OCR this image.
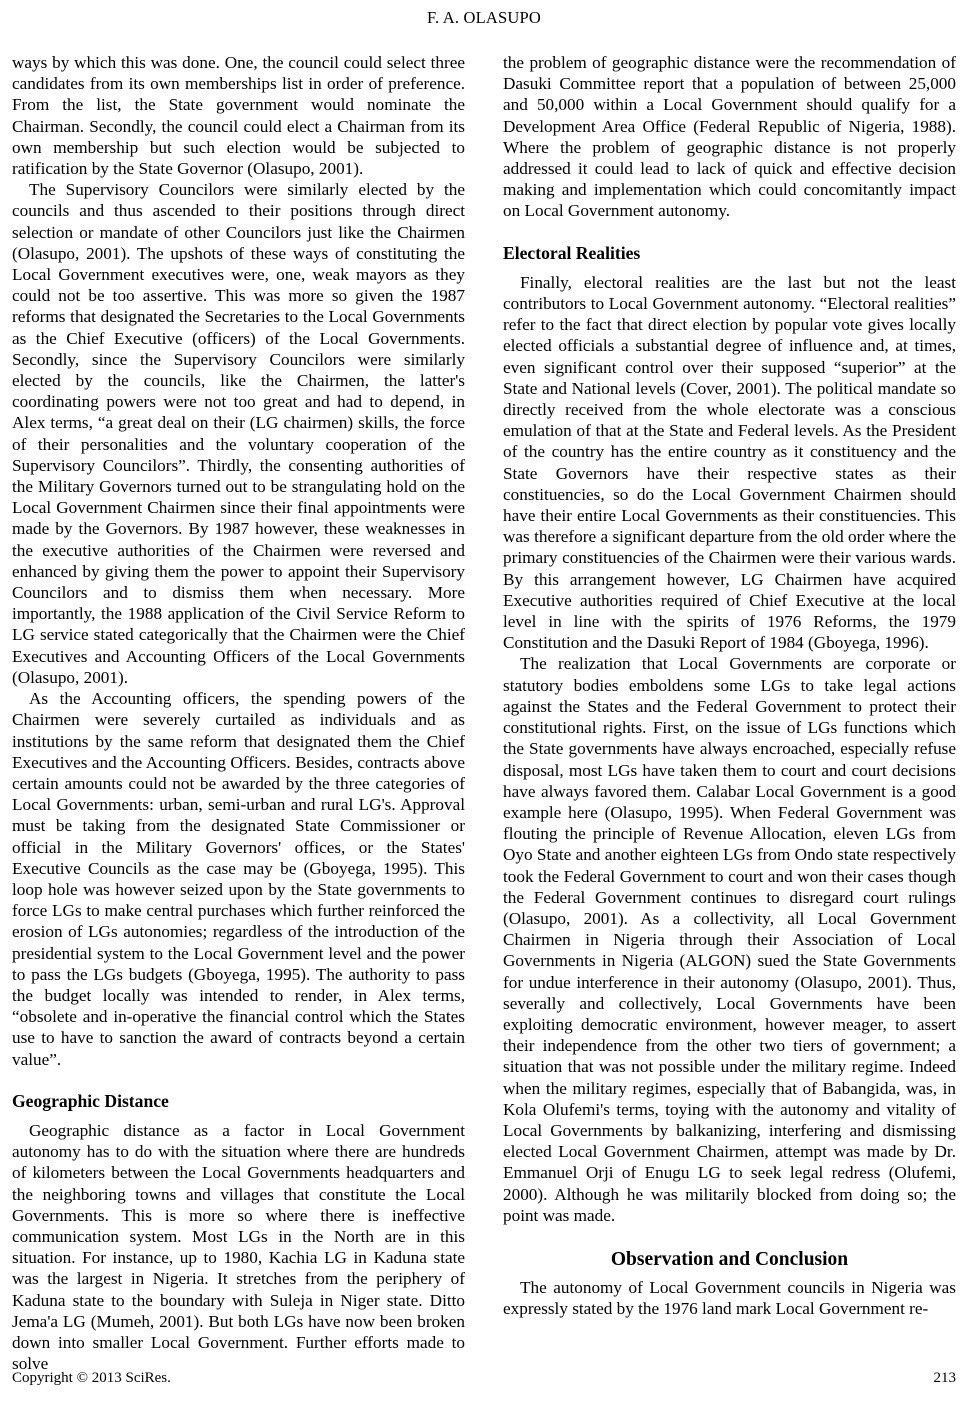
F. A. OLASUPO

ways by which this was done. One, the council could select three candidates from its own memberships list in order of preference. From the list, the State government would nominate the Chairman. Secondly, the council could elect a Chairman from its own membership but such election would be subjected to ratification by the State Governor (Olasupo, 2001).

The Supervisory Councilors were similarly elected by the councils and thus ascended to their positions through direct selection or mandate of other Councilors just like the Chairmen (Olasupo, 2001). The upshots of these ways of constituting the Local Government executives were, one, weak mayors as they could not be too assertive. This was more so given the 1987 reforms that designated the Secretaries to the Local Governments as the Chief Executive (officers) of the Local Governments. Secondly, since the Supervisory Councilors were similarly elected by the councils, like the Chairmen, the latter's coordinating powers were not too great and had to depend, in Alex terms, “a great deal on their (LG chairmen) skills, the force of their personalities and the voluntary cooperation of the Supervisory Councilors”. Thirdly, the consenting authorities of the Military Governors turned out to be strangulating hold on the Local Government Chairmen since their final appointments were made by the Governors. By 1987 however, these weaknesses in the executive authorities of the Chairmen were reversed and enhanced by giving them the power to appoint their Supervisory Councilors and to dismiss them when necessary. More importantly, the 1988 application of the Civil Service Reform to LG service stated categorically that the Chairmen were the Chief Executives and Accounting Officers of the Local Governments (Olasupo, 2001).

As the Accounting officers, the spending powers of the Chairmen were severely curtailed as individuals and as institutions by the same reform that designated them the Chief Executives and the Accounting Officers. Besides, contracts above certain amounts could not be awarded by the three categories of Local Governments: urban, semi-urban and rural LG's. Approval must be taking from the designated State Commissioner or official in the Military Governors' offices, or the States' Executive Councils as the case may be (Gboyega, 1995). This loop hole was however seized upon by the State governments to force LGs to make central purchases which further reinforced the erosion of LGs autonomies; regardless of the introduction of the presidential system to the Local Government level and the power to pass the LGs budgets (Gboyega, 1995). The authority to pass the budget locally was intended to render, in Alex terms, “obsolete and in-operative the financial control which the States use to have to sanction the award of contracts beyond a certain value”.

Geographic Distance

Geographic distance as a factor in Local Government autonomy has to do with the situation where there are hundreds of kilometers between the Local Governments headquarters and the neighboring towns and villages that constitute the Local Governments. This is more so where there is ineffective communication system. Most LGs in the North are in this situation. For instance, up to 1980, Kachia LG in Kaduna state was the largest in Nigeria. It stretches from the periphery of Kaduna state to the boundary with Suleja in Niger state. Ditto Jema'a LG (Mumeh, 2001). But both LGs have now been broken down into smaller Local Government. Further efforts made to solve

the problem of geographic distance were the recommendation of Dasuki Committee report that a population of between 25,000 and 50,000 within a Local Government should qualify for a Development Area Office (Federal Republic of Nigeria, 1988). Where the problem of geographic distance is not properly addressed it could lead to lack of quick and effective decision making and implementation which could concomitantly impact on Local Government autonomy.

Electoral Realities

Finally, electoral realities are the last but not the least contributors to Local Government autonomy. “Electoral realities” refer to the fact that direct election by popular vote gives locally elected officials a substantial degree of influence and, at times, even significant control over their supposed “superior” at the State and National levels (Cover, 2001). The political mandate so directly received from the whole electorate was a conscious emulation of that at the State and Federal levels. As the President of the country has the entire country as it constituency and the State Governors have their respective states as their constituencies, so do the Local Government Chairmen should have their entire Local Governments as their constituencies. This was therefore a significant departure from the old order where the primary constituencies of the Chairmen were their various wards. By this arrangement however, LG Chairmen have acquired Executive authorities required of Chief Executive at the local level in line with the spirits of 1976 Reforms, the 1979 Constitution and the Dasuki Report of 1984 (Gboyega, 1996).

The realization that Local Governments are corporate or statutory bodies emboldens some LGs to take legal actions against the States and the Federal Government to protect their constitutional rights. First, on the issue of LGs functions which the State governments have always encroached, especially refuse disposal, most LGs have taken them to court and court decisions have always favored them. Calabar Local Government is a good example here (Olasupo, 1995). When Federal Government was flouting the principle of Revenue Allocation, eleven LGs from Oyo State and another eighteen LGs from Ondo state respectively took the Federal Government to court and won their cases though the Federal Government continues to disregard court rulings (Olasupo, 2001). As a collectivity, all Local Government Chairmen in Nigeria through their Association of Local Governments in Nigeria (ALGON) sued the State Governments for undue interference in their autonomy (Olasupo, 2001). Thus, severally and collectively, Local Governments have been exploiting democratic environment, however meager, to assert their independence from the other two tiers of government; a situation that was not possible under the military regime. Indeed when the military regimes, especially that of Babangida, was, in Kola Olufemi's terms, toying with the autonomy and vitality of Local Governments by balkanizing, interfering and dismissing elected Local Government Chairmen, attempt was made by Dr. Emmanuel Orji of Enugu LG to seek legal redress (Olufemi, 2000). Although he was militarily blocked from doing so; the point was made.

Observation and Conclusion

The autonomy of Local Government councils in Nigeria was expressly stated by the 1976 land mark Local Government re-

Copyright © 2013 SciRes.	213
